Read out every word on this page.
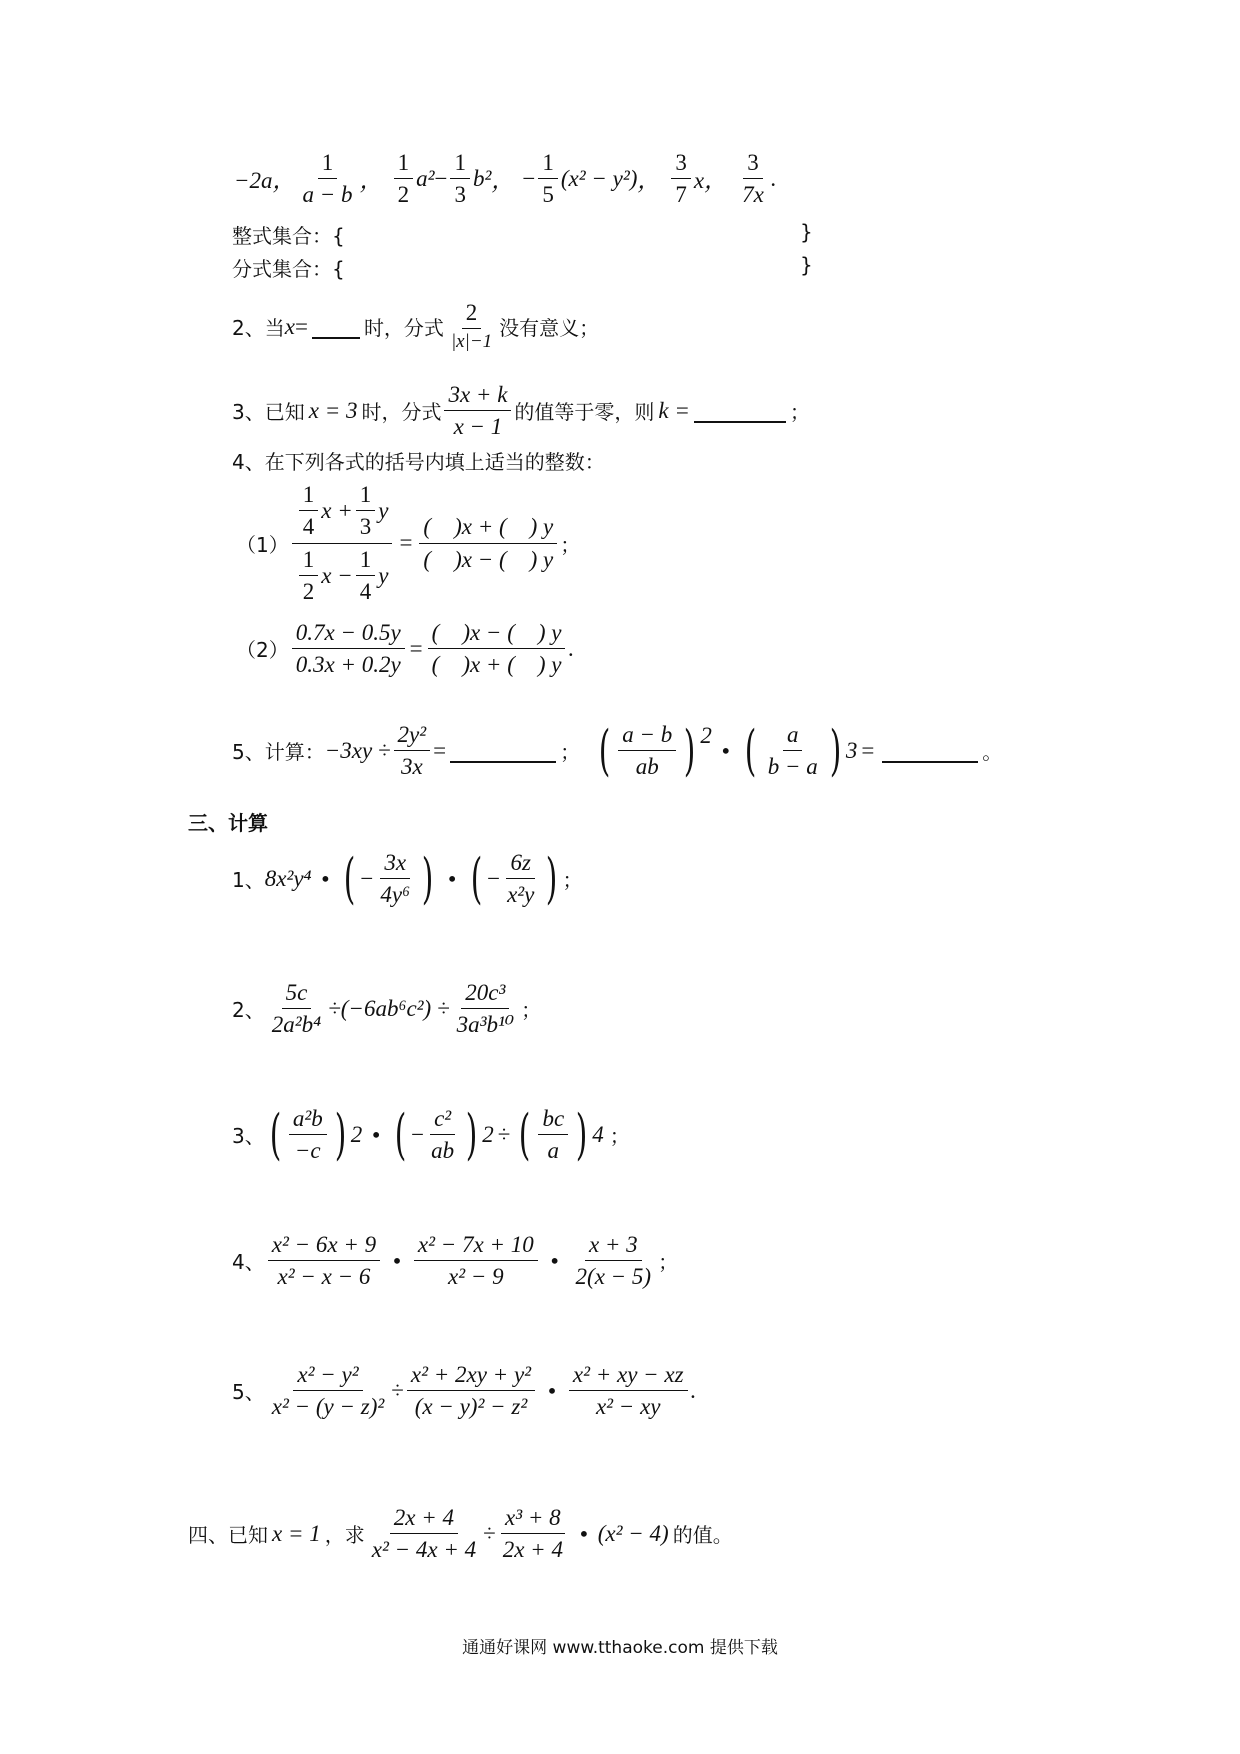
−2a， $\frac{1}{a - b}$ ， $\frac{1}{2} a^2 - \frac{1}{3} b^2$ ， − $\frac{1}{5} (x^2 - y^2)$ ， $\frac{3}{7}$ x， $\frac{3}{7x}$ .
整式集合：{	}
分式集合：{	}
2、当 x =	时，分式 $\frac{2}{|x|-1}$ 没有意义；
3、已知 x = 3 时，分式 $\frac{3x + k}{x - 1}$ 的值等于零，则 k =	；
4、在下列各式的括号内填上适当的整数：
$(1) \frac{\frac{1}{4} x + \frac{1}{3} y}{\frac{1}{2} x - \frac{1}{4} y} = \frac{( )x + ( ) y}{( )x - ( ) y}$ ；
$(2) \frac{0.7x - 0.5y}{0.3x + 0.2y} = \frac{( )x - ( ) y}{( )x + ( ) y}$ .
5、计算： $-3xy \div \frac{\text{2y²}}{3x}$ =	； ( $\frac{a - b}{ab}$ ) 2
• ( $\frac{a}{b - a}$ ) 3 =	。
三、计算
1、 8x²y⁴ • ( − $\frac{3x}{\text{4y⁶}}$ ) • ( − $\frac{6z}{\text{x²y}}$ ) ；
2、 $\frac{5c}{\text{2a²b⁴}} \div(-6ab^6c^2) \div \frac{\text{20c³}}{\text{3a³b¹⁰}}$ ；
3、 ( $\frac{\text{a²b}}{-c}$ ) 2 • ( − $\frac{\text{c²}}{ab}$ ) 2 ÷ ( $\frac{bc}{a}$ ) 4 ；
4、 $\frac{\text{x² − 6x + 9}}{\text{x² − x − 6}}$ • $\frac{\text{x² − 7x + 10}}{\text{x² − 9}}$ • $\frac{x + 3}{2(x - 5)}$ ；
5、 $\frac{\text{x² − y²}}{\text{x² − (y − z)²}} \div \frac{\text{x² + 2xy + y²}}{\text{(x − y)² − z²}}$ • $\frac{\text{x² + xy − xz}}{\text{x² − xy}}$ .
四、已知 x = 1 ，求 $\frac{2x + 4}{\text{x² − 4x + 4}} \div \frac{\text{x³ + 8}}{2x + 4}$ • (x² − 4) 的值。
通通好课网 www.tthaoke.com 提供下载
